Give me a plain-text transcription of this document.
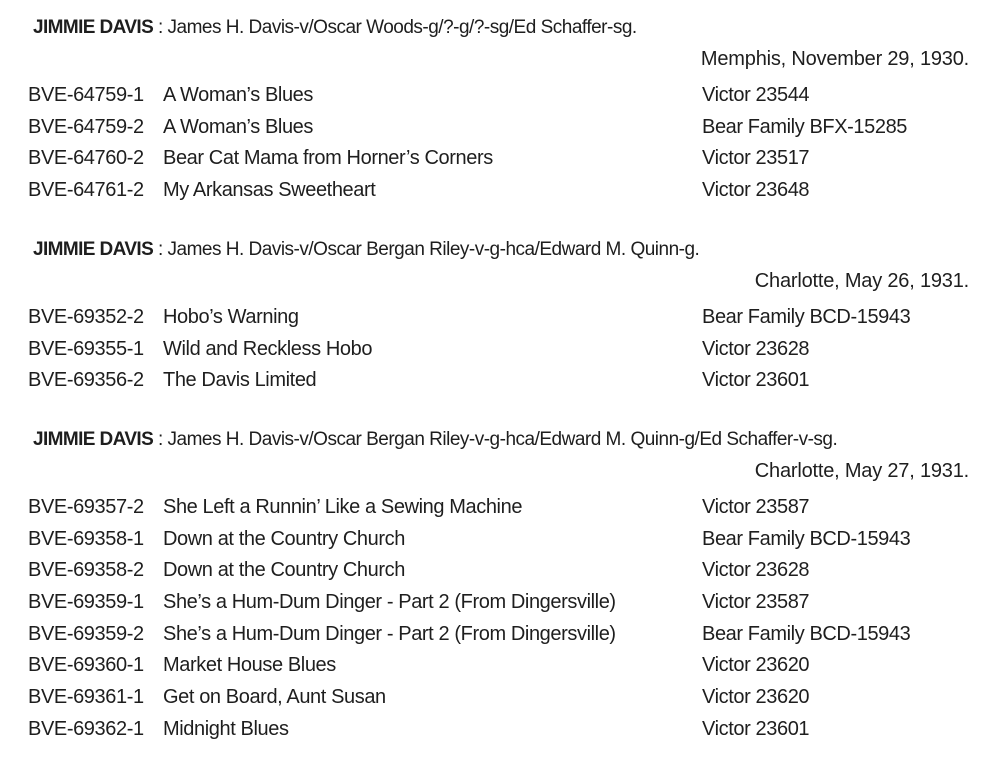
JIMMIE DAVIS : James H. Davis-v/Oscar Woods-g/?-g/?-sg/Ed Schaffer-sg.
Memphis, November 29, 1930.
BVE-64759-1 A Woman’s Blues	Victor 23544
BVE-64759-2 A Woman’s Blues	Bear Family BFX-15285
BVE-64760-2 Bear Cat Mama from Horner’s Corners	Victor 23517
BVE-64761-2 My Arkansas Sweetheart	Victor 23648
JIMMIE DAVIS : James H. Davis-v/Oscar Bergan Riley-v-g-hca/Edward M. Quinn-g.
Charlotte, May 26, 1931.
BVE-69352-2 Hobo’s Warning	Bear Family BCD-15943
BVE-69355-1 Wild and Reckless Hobo	Victor 23628
BVE-69356-2 The Davis Limited	Victor 23601
JIMMIE DAVIS : James H. Davis-v/Oscar Bergan Riley-v-g-hca/Edward M. Quinn-g/Ed Schaffer-v-sg.
Charlotte, May 27, 1931.
BVE-69357-2 She Left a Runnin’ Like a Sewing Machine	Victor 23587
BVE-69358-1 Down at the Country Church	Bear Family BCD-15943
BVE-69358-2 Down at the Country Church	Victor 23628
BVE-69359-1 She’s a Hum-Dum Dinger - Part 2 (From Dingersville)	Victor 23587
BVE-69359-2 She’s a Hum-Dum Dinger - Part 2 (From Dingersville)	Bear Family BCD-15943
BVE-69360-1 Market House Blues	Victor 23620
BVE-69361-1 Get on Board, Aunt Susan	Victor 23620
BVE-69362-1 Midnight Blues	Victor 23601
